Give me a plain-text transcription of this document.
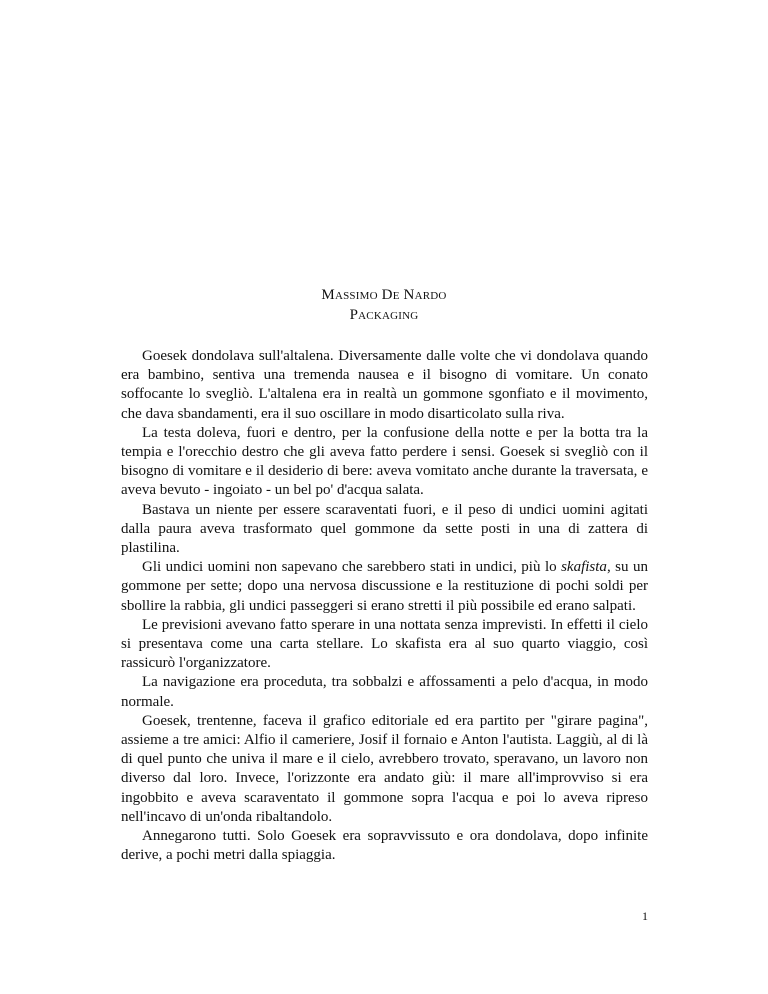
Massimo De Nardo
Packaging

Goesek dondolava sull'altalena. Diversamente dalle volte che vi dondolava quando era bambino, sentiva una tremenda nausea e il bisogno di vomitare. Un conato soffocante lo svegliò. L'altalena era in realtà un gommone sgonfiato e il movimento, che dava sbandamenti, era il suo oscillare in modo disarticolato sulla riva.

La testa doleva, fuori e dentro, per la confusione della notte e per la botta tra la tempia e l'orecchio destro che gli aveva fatto perdere i sensi. Goesek si svegliò con il bisogno di vomitare e il desiderio di bere: aveva vomitato anche durante la traversata, e aveva bevuto - ingoiato - un bel po' d'acqua salata.

Bastava un niente per essere scaraventati fuori, e il peso di undici uomini agitati dalla paura aveva trasformato quel gommone da sette posti in una di zattera di plastilina.

Gli undici uomini non sapevano che sarebbero stati in undici, più lo skafista, su un gommone per sette; dopo una nervosa discussione e la restituzione di pochi soldi per sbollire la rabbia, gli undici passeggeri si erano stretti il più possibile ed erano salpati.

Le previsioni avevano fatto sperare in una nottata senza imprevisti. In effetti il cielo si presentava come una carta stellare. Lo skafista era al suo quarto viaggio, così rassicurò l'organizzatore.

La navigazione era proceduta, tra sobbalzi e affossamenti a pelo d'acqua, in modo normale.

Goesek, trentenne, faceva il grafico editoriale ed era partito per "girare pagina", assieme a tre amici: Alfio il cameriere, Josif il fornaio e Anton l'autista. Laggiù, al di là di quel punto che univa il mare e il cielo, avrebbero trovato, speravano, un lavoro non diverso dal loro. Invece, l'orizzonte era andato giù: il mare all'improvviso si era ingobbito e aveva scaraventato il gommone sopra l'acqua e poi lo aveva ripreso nell'incavo di un'onda ribaltandolo.

Annegarono tutti. Solo Goesek era sopravvissuto e ora dondolava, dopo infinite derive, a pochi metri dalla spiaggia.

1
